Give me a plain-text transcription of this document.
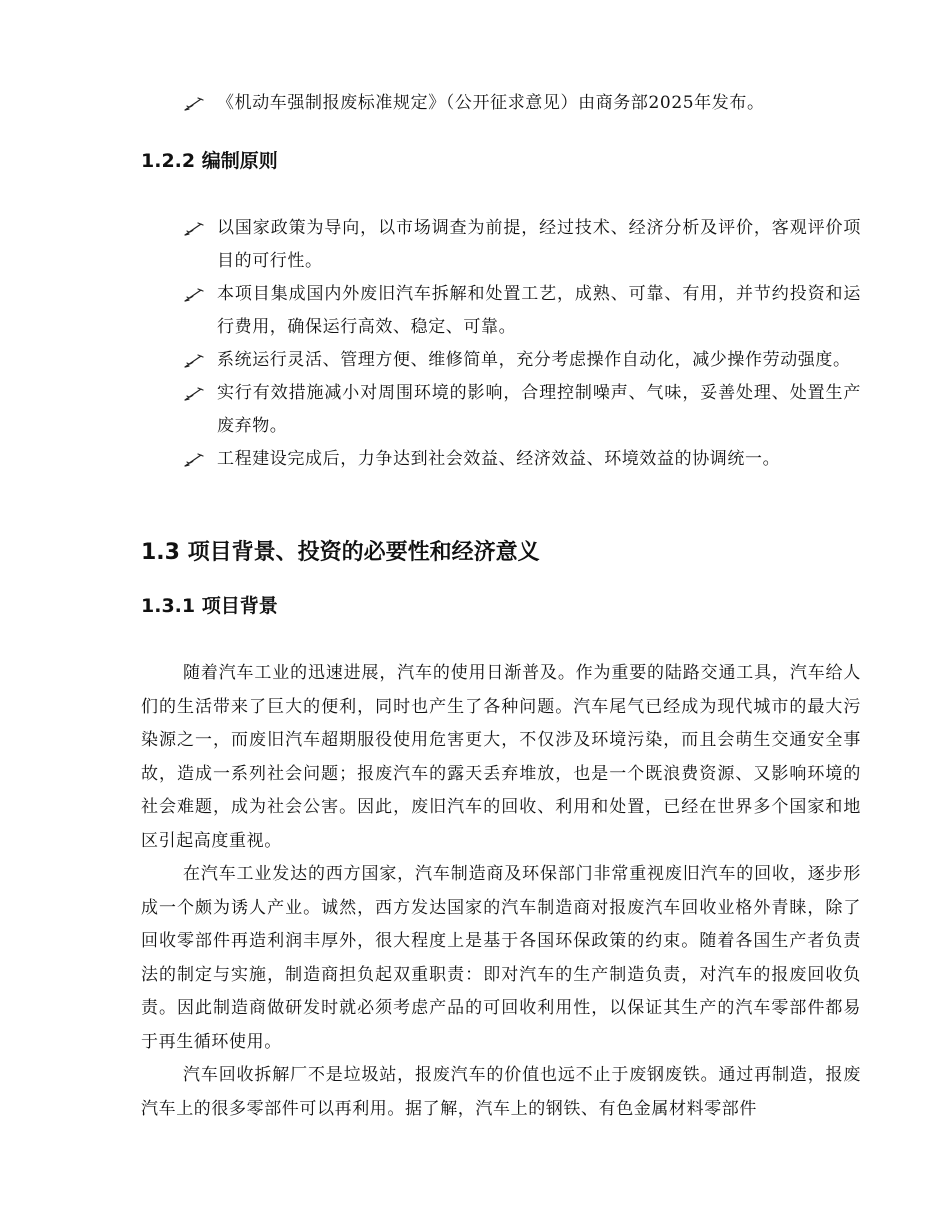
《机动车强制报废标准规定》（公开征求意见）由商务部2025年发布。
1.2.2 编制原则
以国家政策为导向，以市场调查为前提，经过技术、经济分析及评价，客观评价项目的可行性。
本项目集成国内外废旧汽车拆解和处置工艺，成熟、可靠、有用，并节约投资和运行费用，确保运行高效、稳定、可靠。
系统运行灵活、管理方便、维修简单，充分考虑操作自动化，减少操作劳动强度。
实行有效措施减小对周围环境的影响，合理控制噪声、气味，妥善处理、处置生产废弃物。
工程建设完成后，力争达到社会效益、经济效益、环境效益的协调统一。
1.3 项目背景、投资的必要性和经济意义
1.3.1 项目背景

随着汽车工业的迅速进展，汽车的使用日渐普及。作为重要的陆路交通工具，汽车给人们的生活带来了巨大的便利，同时也产生了各种问题。汽车尾气已经成为现代城市的最大污染源之一，而废旧汽车超期服役使用危害更大，不仅涉及环境污染，而且会萌生交通安全事故，造成一系列社会问题；报废汽车的露天丢弃堆放，也是一个既浪费资源、又影响环境的社会难题，成为社会公害。因此，废旧汽车的回收、利用和处置，已经在世界多个国家和地区引起高度重视。

在汽车工业发达的西方国家，汽车制造商及环保部门非常重视废旧汽车的回收，逐步形成一个颇为诱人产业。诚然，西方发达国家的汽车制造商对报废汽车回收业格外青睐，除了回收零部件再造利润丰厚外，很大程度上是基于各国环保政策的约束。随着各国生产者负责法的制定与实施，制造商担负起双重职责：即对汽车的生产制造负责，对汽车的报废回收负责。因此制造商做研发时就必须考虑产品的可回收利用性，以保证其生产的汽车零部件都易于再生循环使用。

汽车回收拆解厂不是垃圾站，报废汽车的价值也远不止于废钢废铁。通过再制造，报废汽车上的很多零部件可以再利用。据了解，汽车上的钢铁、有色金属材料零部件
